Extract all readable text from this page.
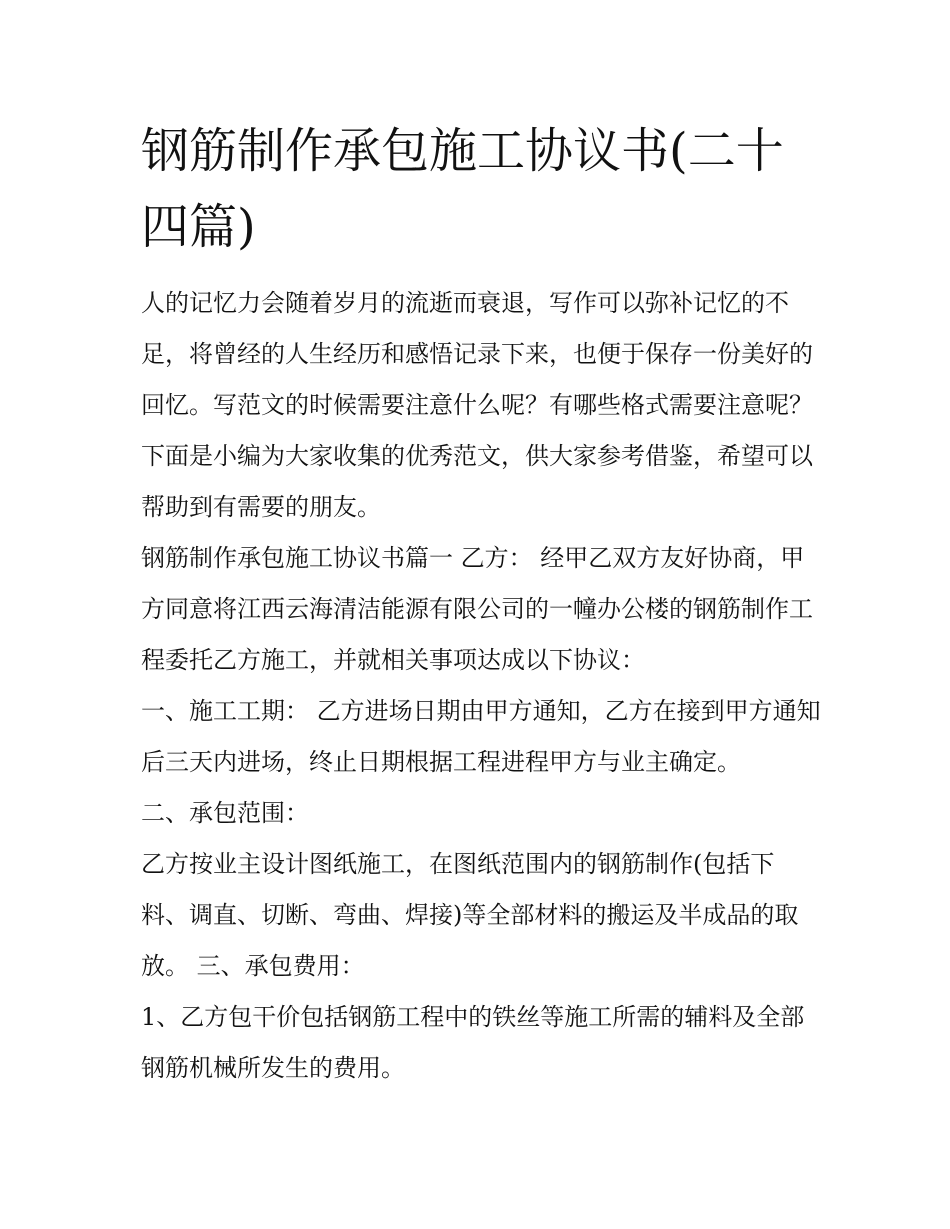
钢筋制作承包施工协议书(二十四篇)

人的记忆力会随着岁月的流逝而衰退，写作可以弥补记忆的不足，将曾经的人生经历和感悟记录下来，也便于保存一份美好的回忆。写范文的时候需要注意什么呢？有哪些格式需要注意呢？下面是小编为大家收集的优秀范文，供大家参考借鉴，希望可以帮助到有需要的朋友。

钢筋制作承包施工协议书篇一 乙方： 经甲乙双方友好协商，甲方同意将江西云海清洁能源有限公司的一幢办公楼的钢筋制作工程委托乙方施工，并就相关事项达成以下协议：

一、施工工期： 乙方进场日期由甲方通知，乙方在接到甲方通知后三天内进场，终止日期根据工程进程甲方与业主确定。

二、承包范围：

乙方按业主设计图纸施工，在图纸范围内的钢筋制作(包括下料、调直、切断、弯曲、焊接)等全部材料的搬运及半成品的取放。 三、承包费用：

1、乙方包干价包括钢筋工程中的铁丝等施工所需的辅料及全部钢筋机械所发生的费用。
